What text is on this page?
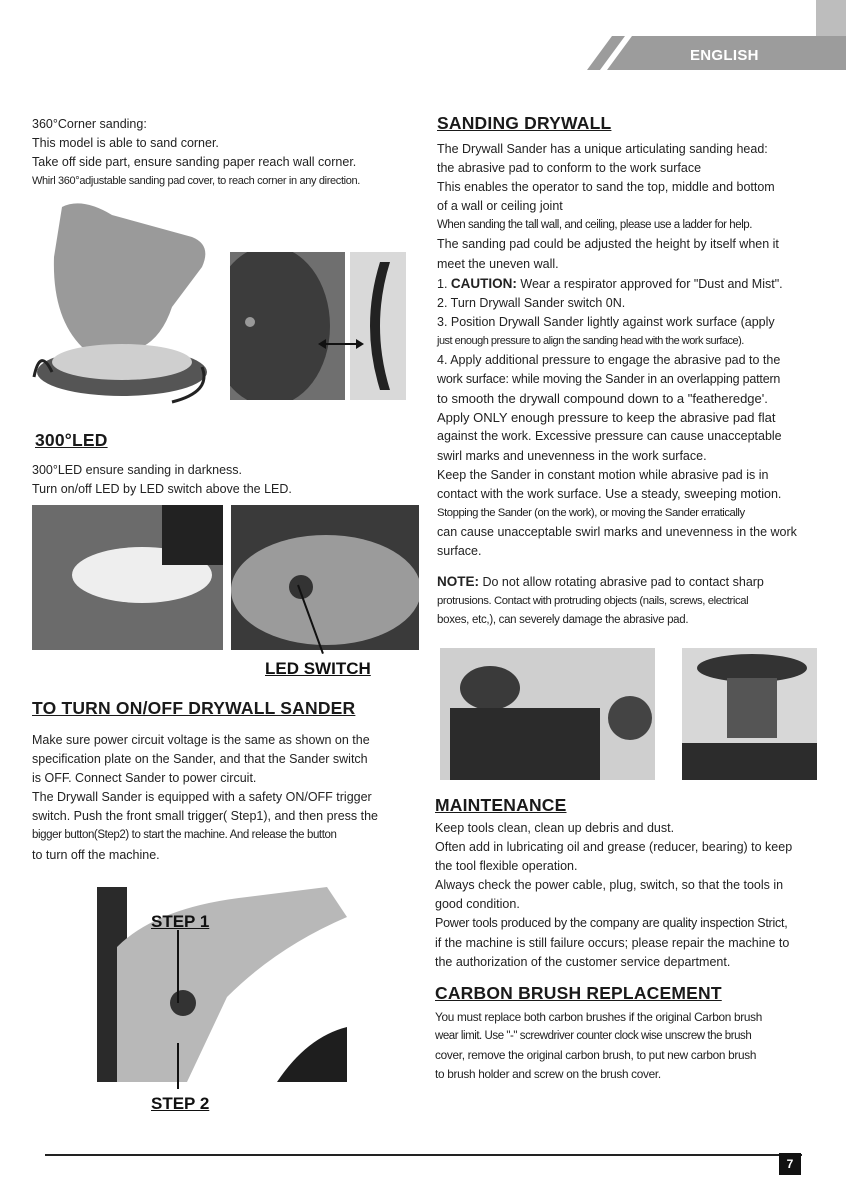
ENGLISH

360°Corner sanding:

This model is able to sand corner.

Take off side part, ensure sanding paper reach wall corner.

Whirl 360°adjustable sanding pad cover, to reach corner in any direction.

300°LED

300°LED ensure sanding in darkness.

Turn on/off LED by LED switch above the LED.

LED SWITCH

TO TURN ON/OFF DRYWALL SANDER

Make sure power circuit voltage is the same as shown on the

specification plate on the Sander, and that the Sander switch

is OFF. Connect Sander to power circuit.

The Drywall Sander is equipped with a safety ON/OFF trigger

switch. Push the front small trigger( Step1), and then press the

bigger button(Step2) to start the machine. And release the button

to turn off the machine.

STEP 1
STEP 2

SANDING DRYWALL

The Drywall Sander has a unique articulating sanding head:

the abrasive pad to conform to the work surface

This enables the operator to sand the top, middle and bottom

of a wall or ceiling joint

When sanding the tall wall, and ceiling, please use a ladder for help.

The sanding pad could be adjusted the height by itself when it

meet the uneven wall.

1. CAUTION: Wear a respirator approved for "Dust and Mist".

2. Turn Drywall Sander switch 0N.

3. Position Drywall Sander lightly against work surface (apply

just enough pressure to align the sanding head with the work surface).

4. Apply additional pressure to engage the abrasive pad to the

work surface: while moving the Sander in an overlapping pattern

to smooth the drywall compound down to a "featheredge'.

Apply ONLY enough pressure to keep the abrasive pad flat

against the work. Excessive pressure can cause unacceptable

swirl marks and unevenness in the work surface.

Keep the Sander in constant motion while abrasive pad is in

contact with the work surface. Use a steady, sweeping motion.

Stopping the Sander (on the work), or moving the Sander erratically

can cause unacceptable swirl marks and unevenness in the work

surface.

NOTE: Do not allow rotating abrasive pad to contact sharp

protrusions. Contact with protruding objects (nails, screws, electrical

boxes, etc,), can severely damage the abrasive pad.

MAINTENANCE

Keep tools clean, clean up debris and dust.

Often add in lubricating oil and grease (reducer, bearing) to keep

the tool flexible operation.

Always check the power cable, plug, switch, so that the tools in

good condition.

Power tools produced by the company are quality inspection Strict,

if the machine is still failure occurs; please repair the machine to

the authorization of the customer service department.

CARBON BRUSH REPLACEMENT

You must replace both carbon brushes if the original Carbon brush

wear limit. Use "-" screwdriver counter clock wise unscrew the brush

cover, remove the original carbon brush, to put new carbon brush

to brush holder and screw on the brush cover.

7
